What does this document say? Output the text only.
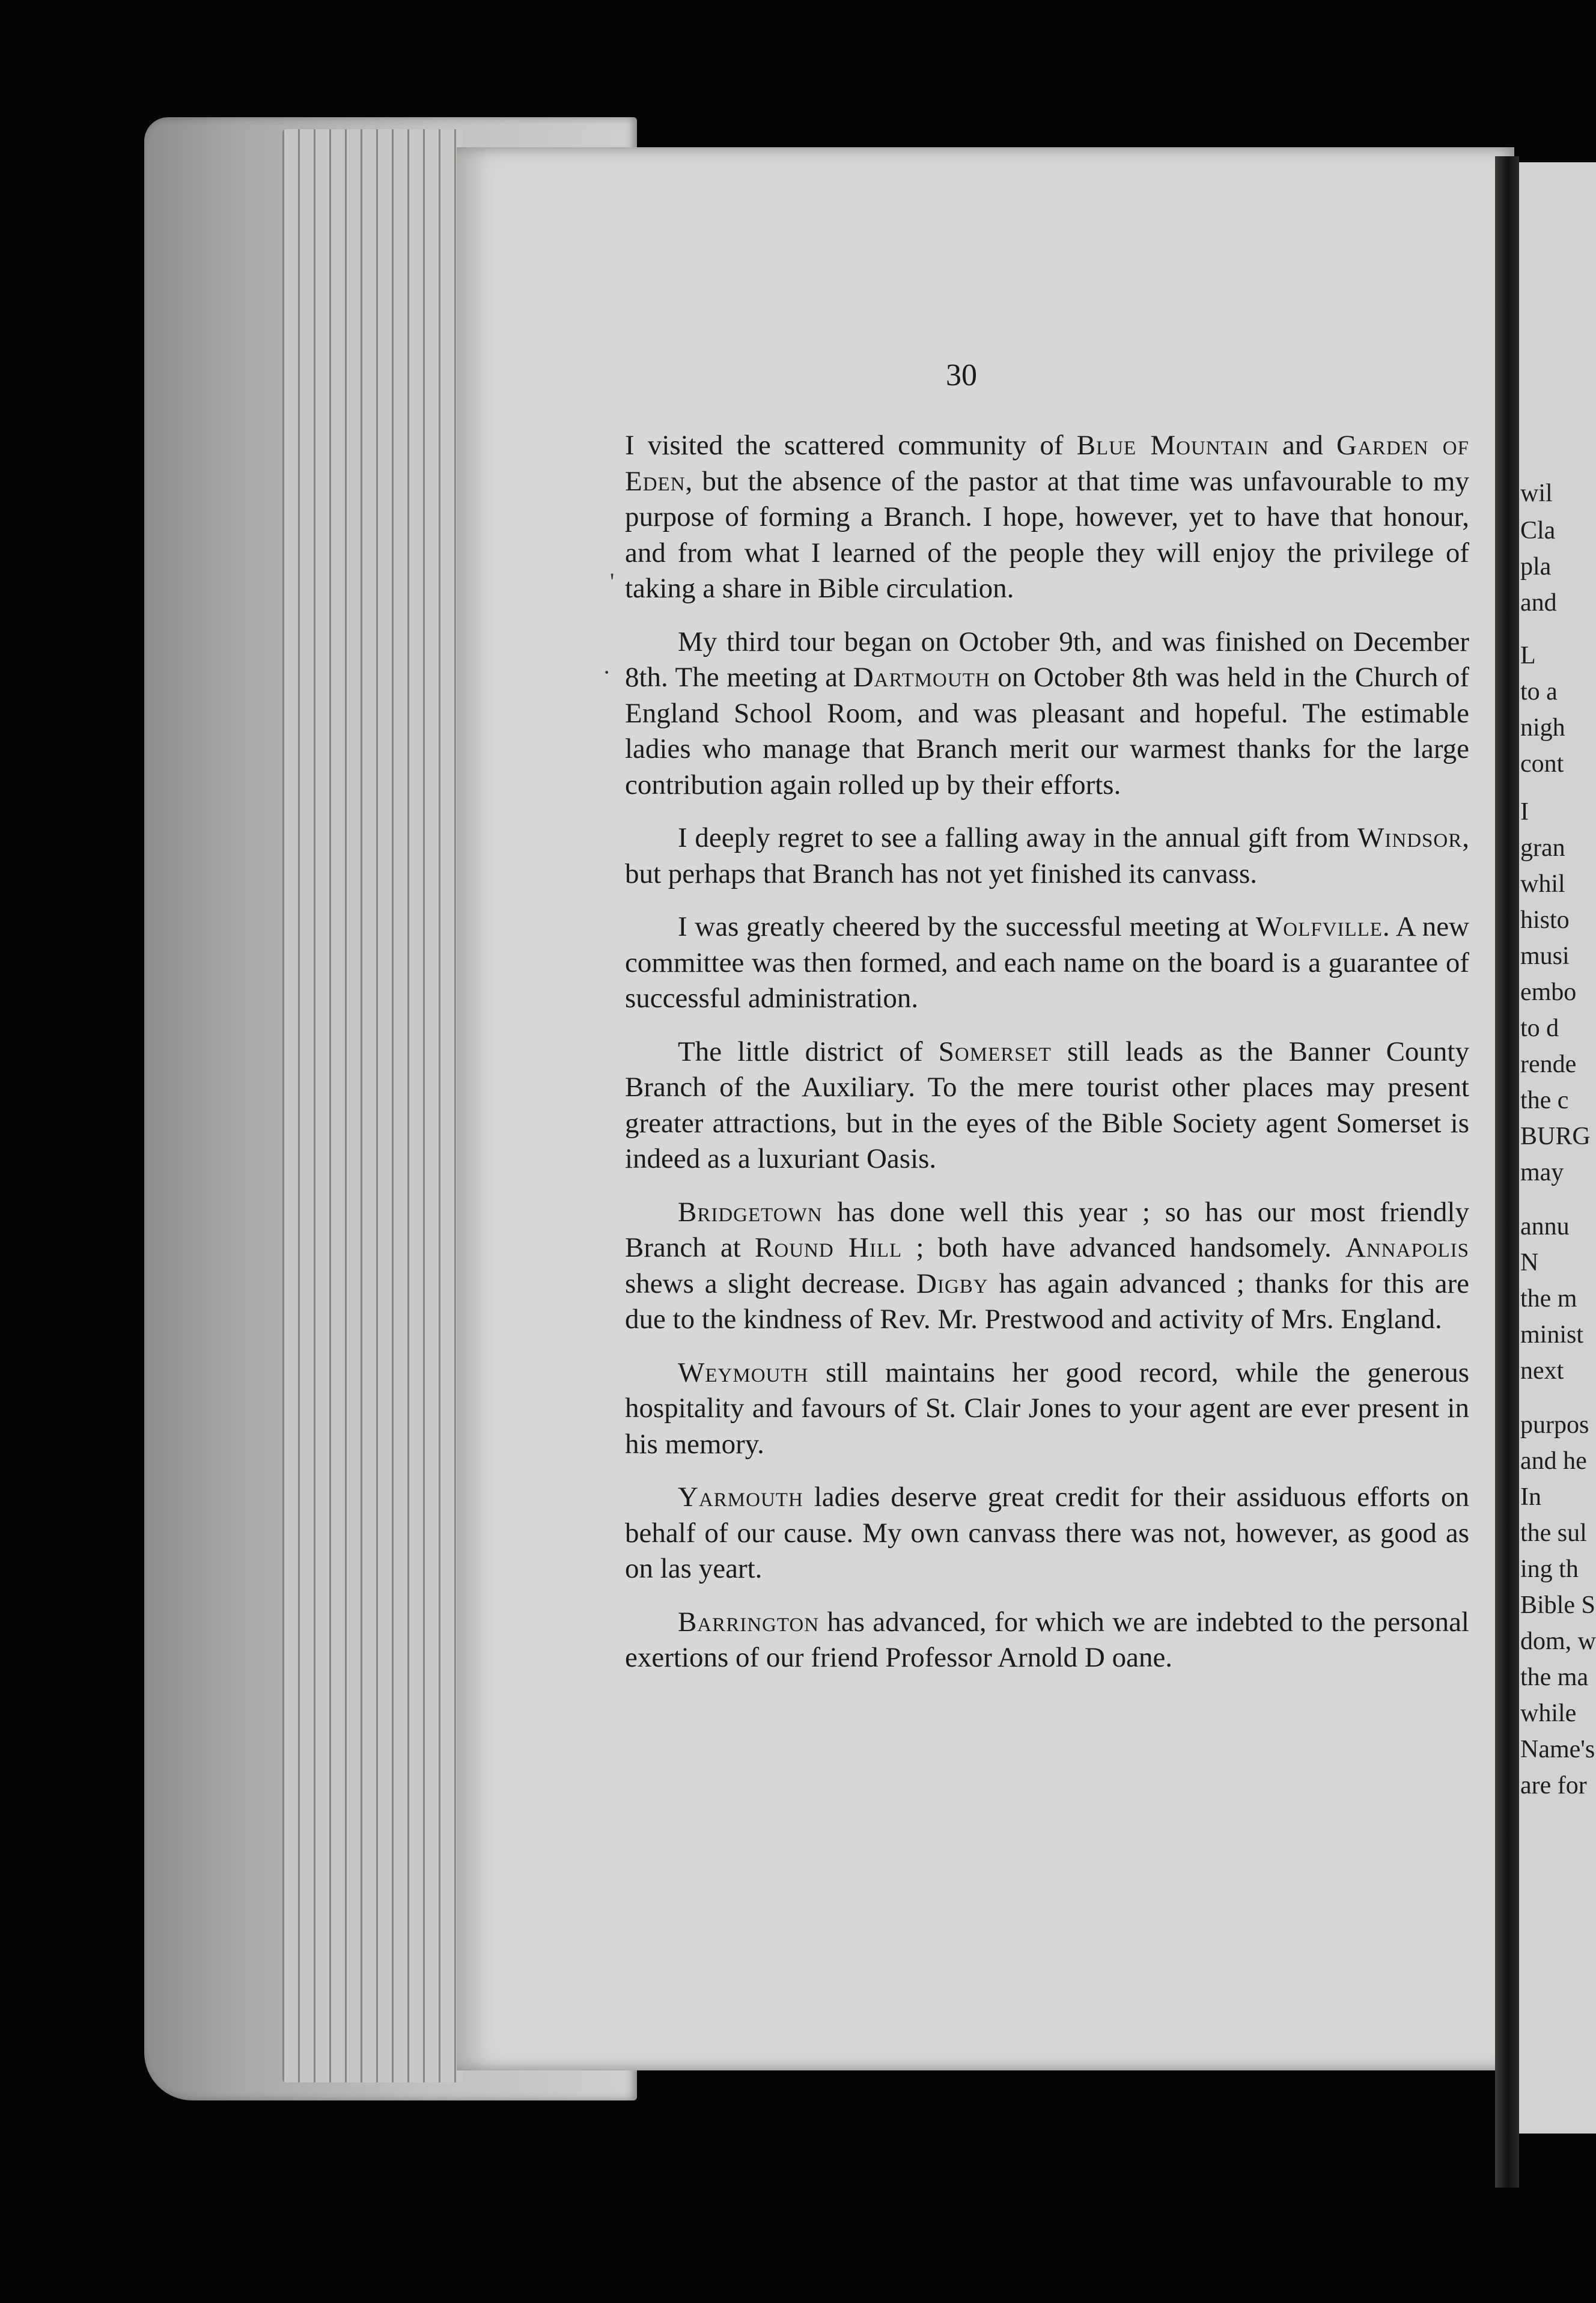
wil
Cla
pla
and
L
to a
nigh
cont
I
gran
whil
histo
musi
embo
to d
rende
the c
BURG
may
annu
N
the m
minist
next
purpos
and he
In
the sul
ing th
Bible S
dom, w
the ma
while
Name's
are for
30

I visited the scattered community of Blue Mountain and Garden of Eden, but the absence of the pastor at that time was unfavourable to my purpose of forming a Branch. I hope, however, yet to have that honour, and from what I learned of the people they will enjoy the privilege of taking a share in Bible circulation.

My third tour began on October 9th, and was finished on December 8th. The meeting at Dartmouth on October 8th was held in the Church of England School Room, and was pleasant and hopeful. The estimable ladies who manage that Branch merit our warmest thanks for the large contribution again rolled up by their efforts.

I deeply regret to see a falling away in the annual gift from Windsor, but perhaps that Branch has not yet finished its canvass.

I was greatly cheered by the successful meeting at Wolfville. A new committee was then formed, and each name on the board is a guarantee of successful administration.

The little district of Somerset still leads as the Banner County Branch of the Auxiliary. To the mere tourist other places may present greater attractions, but in the eyes of the Bible Society agent Somerset is indeed as a luxuriant Oasis.

Bridgetown has done well this year ; so has our most friendly Branch at Round Hill ; both have advanced handsomely. Annapolis shews a slight decrease. Digby has again advanced ; thanks for this are due to the kindness of Rev. Mr. Prestwood and activity of Mrs. England.

Weymouth still maintains her good record, while the generous hospitality and favours of St. Clair Jones to your agent are ever present in his memory.

Yarmouth ladies deserve great credit for their assiduous efforts on behalf of our cause. My own canvass there was not, however, as good as on las yeart.

Barrington has advanced, for which we are indebted to the personal exertions of our friend Professor Arnold D oane.

·
'
